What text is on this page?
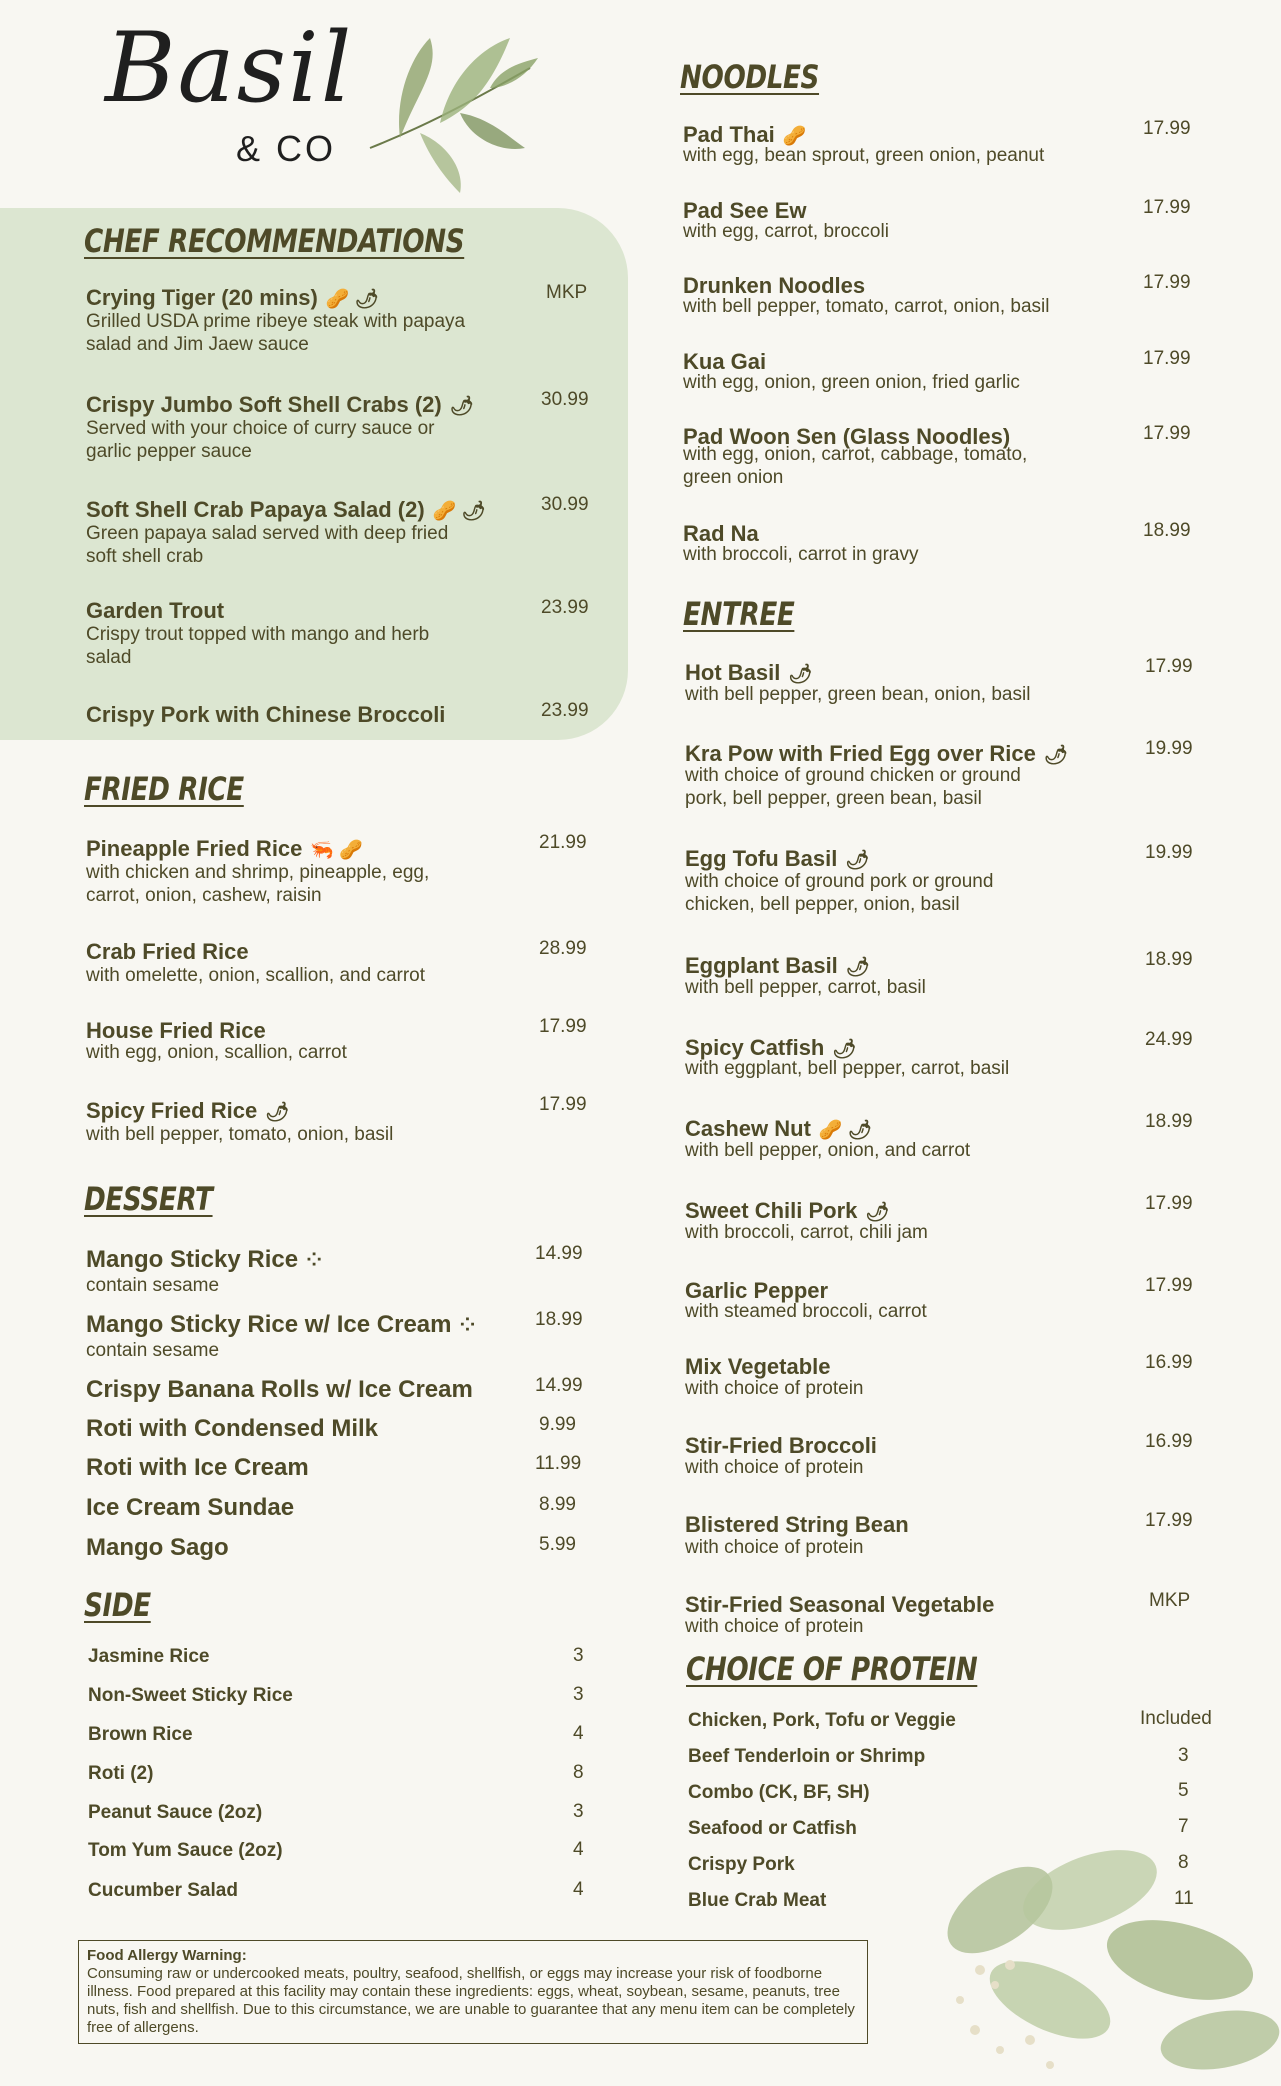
Basil
& CO
CHEF RECOMMENDATIONS
FRIED RICE
DESSERT
SIDE
NOODLES
ENTREE
CHOICE OF PROTEIN
Crying Tiger (20 mins) 🥜 🌶
Grilled USDA prime ribeye steak with papaya
salad and Jim Jaew sauce
MKP
Crispy Jumbo Soft Shell Crabs (2) 🌶
Served with your choice of curry sauce or
garlic pepper sauce
30.99
Soft Shell Crab Papaya Salad (2) 🥜 🌶
Green papaya salad served with deep fried
soft shell crab
30.99
Garden Trout
Crispy trout topped with mango and herb
salad
23.99
Crispy Pork with Chinese Broccoli	23.99
Pineapple Fried Rice 🦐 🥜
with chicken and shrimp, pineapple, egg,
carrot, onion, cashew, raisin
21.99
Crab Fried Rice
with omelette, onion, scallion, and carrot
28.99
House Fried Rice
with egg, onion, scallion, carrot
17.99
Spicy Fried Rice 🌶
with bell pepper, tomato, onion, basil
17.99
Mango Sticky Rice ⁘
contain sesame
14.99
Mango Sticky Rice w/ Ice Cream ⁘
contain sesame
18.99
Crispy Banana Rolls w/ Ice Cream	14.99
Roti with Condensed Milk	9.99
Roti with Ice Cream	11.99
Ice Cream Sundae	8.99
Mango Sago	5.99
Jasmine Rice	3
Non-Sweet Sticky Rice	3
Brown Rice	4
Roti (2)	8
Peanut Sauce (2oz)	3
Tom Yum Sauce (2oz)	4
Cucumber Salad	4
Pad Thai 🥜
with egg, bean sprout, green onion, peanut
17.99
Pad See Ew
with egg, carrot, broccoli
17.99
Drunken Noodles
with bell pepper, tomato, carrot, onion, basil
17.99
Kua Gai
with egg, onion, green onion, fried garlic
17.99
Pad Woon Sen (Glass Noodles)
with egg, onion, carrot, cabbage, tomato,
green onion
17.99
Rad Na
with broccoli, carrot in gravy
18.99
Hot Basil 🌶
with bell pepper, green bean, onion, basil
17.99
Kra Pow with Fried Egg over Rice 🌶
with choice of ground chicken or ground
pork, bell pepper, green bean, basil
19.99
Egg Tofu Basil 🌶
with choice of ground pork or ground
chicken, bell pepper, onion, basil
19.99
Eggplant Basil 🌶
with bell pepper, carrot, basil
18.99
Spicy Catfish 🌶
with eggplant, bell pepper, carrot, basil
24.99
Cashew Nut 🥜 🌶
with bell pepper, onion, and carrot
18.99
Sweet Chili Pork 🌶
with broccoli, carrot, chili jam
17.99
Garlic Pepper
with steamed broccoli, carrot
17.99
Mix Vegetable
with choice of protein
16.99
Stir-Fried Broccoli
with choice of protein
16.99
Blistered String Bean
with choice of protein
17.99
Stir-Fried Seasonal Vegetable
with choice of protein
MKP
Chicken, Pork, Tofu or Veggie	Included
Beef Tenderloin or Shrimp	3
Combo (CK, BF, SH)	5
Seafood or Catfish	7
Crispy Pork	8
Blue Crab Meat	11
Food Allergy Warning:
Consuming raw or undercooked meats, poultry, seafood, shellfish, or eggs may increase your risk of foodborne illness. Food prepared at this facility may contain these ingredients: eggs, wheat, soybean, sesame, peanuts, tree nuts, fish and shellfish. Due to this circumstance, we are unable to guarantee that any menu item can be completely free of allergens.
